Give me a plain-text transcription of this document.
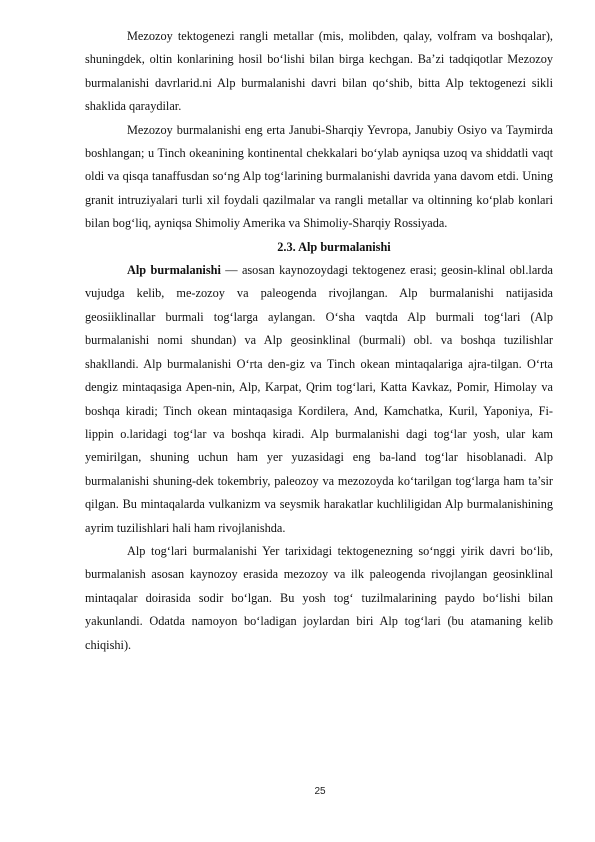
Mezozoy tektogenezi rangli metallar (mis, molibden, qalay, volfram va boshqalar), shuningdek, oltin konlarining hosil bo‘lishi bilan birga kechgan. Ba’zi tadqiqotlar Mezozoy burmalanishi davrlarid.ni Alp burmalanishi davri bilan qo‘shib, bitta Alp tektogenezi sikli shaklida qaraydilar.

Mezozoy burmalanishi eng erta Janubi-Sharqiy Yevropa, Janubiy Osiyo va Taymirda boshlangan; u Tinch okeanining kontinental chekkalari bo‘ylab ayniqsa uzoq va shiddatli vaqt oldi va qisqa tanaffusdan so‘ng Alp tog‘larining burmalanishi davrida yana davom etdi. Uning granit intruziyalari turli xil foydali qazilmalar va rangli metallar va oltinning ko‘plab konlari bilan bog‘liq, ayniqsa Shimoliy Amerika va Shimoliy-Sharqiy Rossiyada.

2.3. Alp burmalanishi

Alp burmalanishi — asosan kaynozoydagi tektogenez erasi; geosin-klinal obl.larda vujudga kelib, me-zozoy va paleogenda rivojlangan. Alp burmalanishi natijasida geosiiklinallar burmali tog‘larga aylangan. O‘sha vaqtda Alp burmali tog‘lari (Alp burmalanishi nomi shundan) va Alp geosinklinal (burmali) obl. va boshqa tuzilishlar shakllandi. Alp burmalanishi O‘rta den-giz va Tinch okean mintaqalariga ajra-tilgan. O‘rta dengiz mintaqasiga Apen-nin, Alp, Karpat, Qrim tog‘lari, Katta Kavkaz, Pomir, Himolay va boshqa kiradi; Tinch okean mintaqasiga Kordilera, And, Kamchatka, Kuril, Yaponiya, Fi-lippin o.laridagi tog‘lar va boshqa kiradi. Alp burmalanishi dagi tog‘lar yosh, ular kam yemirilgan, shuning uchun ham yer yuzasidagi eng ba-land tog‘lar hisoblanadi. Alp burmalanishi shuning-dek tokembriy, paleozoy va mezozoyda ko‘tarilgan tog‘larga ham ta’sir qilgan. Bu mintaqalarda vulkanizm va seysmik harakatlar kuchliligidan Alp burmalanishining ayrim tuzilishlari hali ham rivojlanishda.

Alp tog‘lari burmalanishi Yer tarixidagi tektogenezning so‘nggi yirik davri bo‘lib, burmalanish asosan kaynozoy erasida mezozoy va ilk paleogenda rivojlangan geosinklinal mintaqalar doirasida sodir bo‘lgan. Bu yosh tog‘ tuzilmalarining paydo bo‘lishi bilan yakunlandi. Odatda namoyon bo‘ladigan joylardan biri Alp tog‘lari (bu atamaning kelib chiqishi).

25
